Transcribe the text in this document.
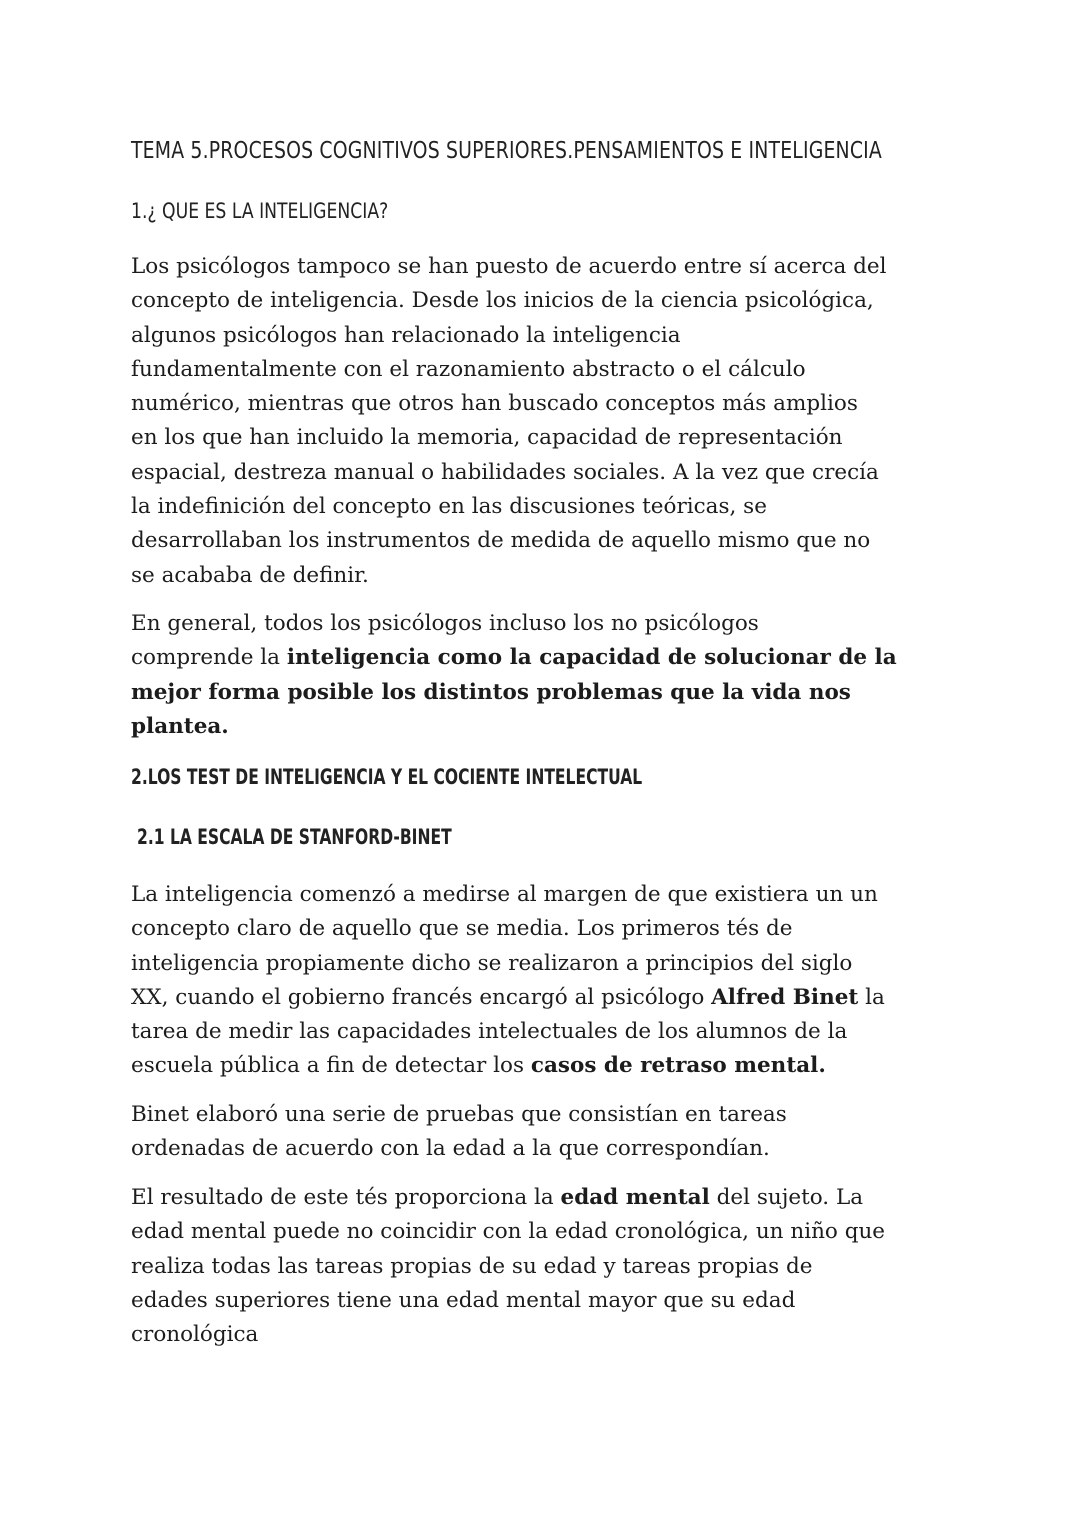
TEMA 5.PROCESOS COGNITIVOS SUPERIORES.PENSAMIENTOS E INTELIGENCIA
1.¿ QUE ES LA INTELIGENCIA?

Los psicólogos tampoco se han puesto de acuerdo entre sí acerca del
concepto de inteligencia. Desde los inicios de la ciencia psicológica,
algunos psicólogos han relacionado la inteligencia
fundamentalmente con el razonamiento abstracto o el cálculo
numérico, mientras que otros han buscado conceptos más amplios
en los que han incluido la memoria, capacidad de representación
espacial, destreza manual o habilidades sociales. A la vez que crecía
la indefinición del concepto en las discusiones teóricas, se
desarrollaban los instrumentos de medida de aquello mismo que no
se acababa de definir.

En general, todos los psicólogos incluso los no psicólogos
comprende la inteligencia como la capacidad de solucionar de la
mejor forma posible los distintos problemas que la vida nos
plantea.

2.LOS TEST DE INTELIGENCIA Y EL COCIENTE INTELECTUAL
2.1 LA ESCALA DE STANFORD-BINET

La inteligencia comenzó a medirse al margen de que existiera un un
concepto claro de aquello que se media. Los primeros tés de
inteligencia propiamente dicho se realizaron a principios del siglo
XX, cuando el gobierno francés encargó al psicólogo Alfred Binet la
tarea de medir las capacidades intelectuales de los alumnos de la
escuela pública a fin de detectar los casos de retraso mental.

Binet elaboró una serie de pruebas que consistían en tareas
ordenadas de acuerdo con la edad a la que correspondían.

El resultado de este tés proporciona la edad mental del sujeto. La
edad mental puede no coincidir con la edad cronológica, un niño que
realiza todas las tareas propias de su edad y tareas propias de
edades superiores tiene una edad mental mayor que su edad
cronológica
